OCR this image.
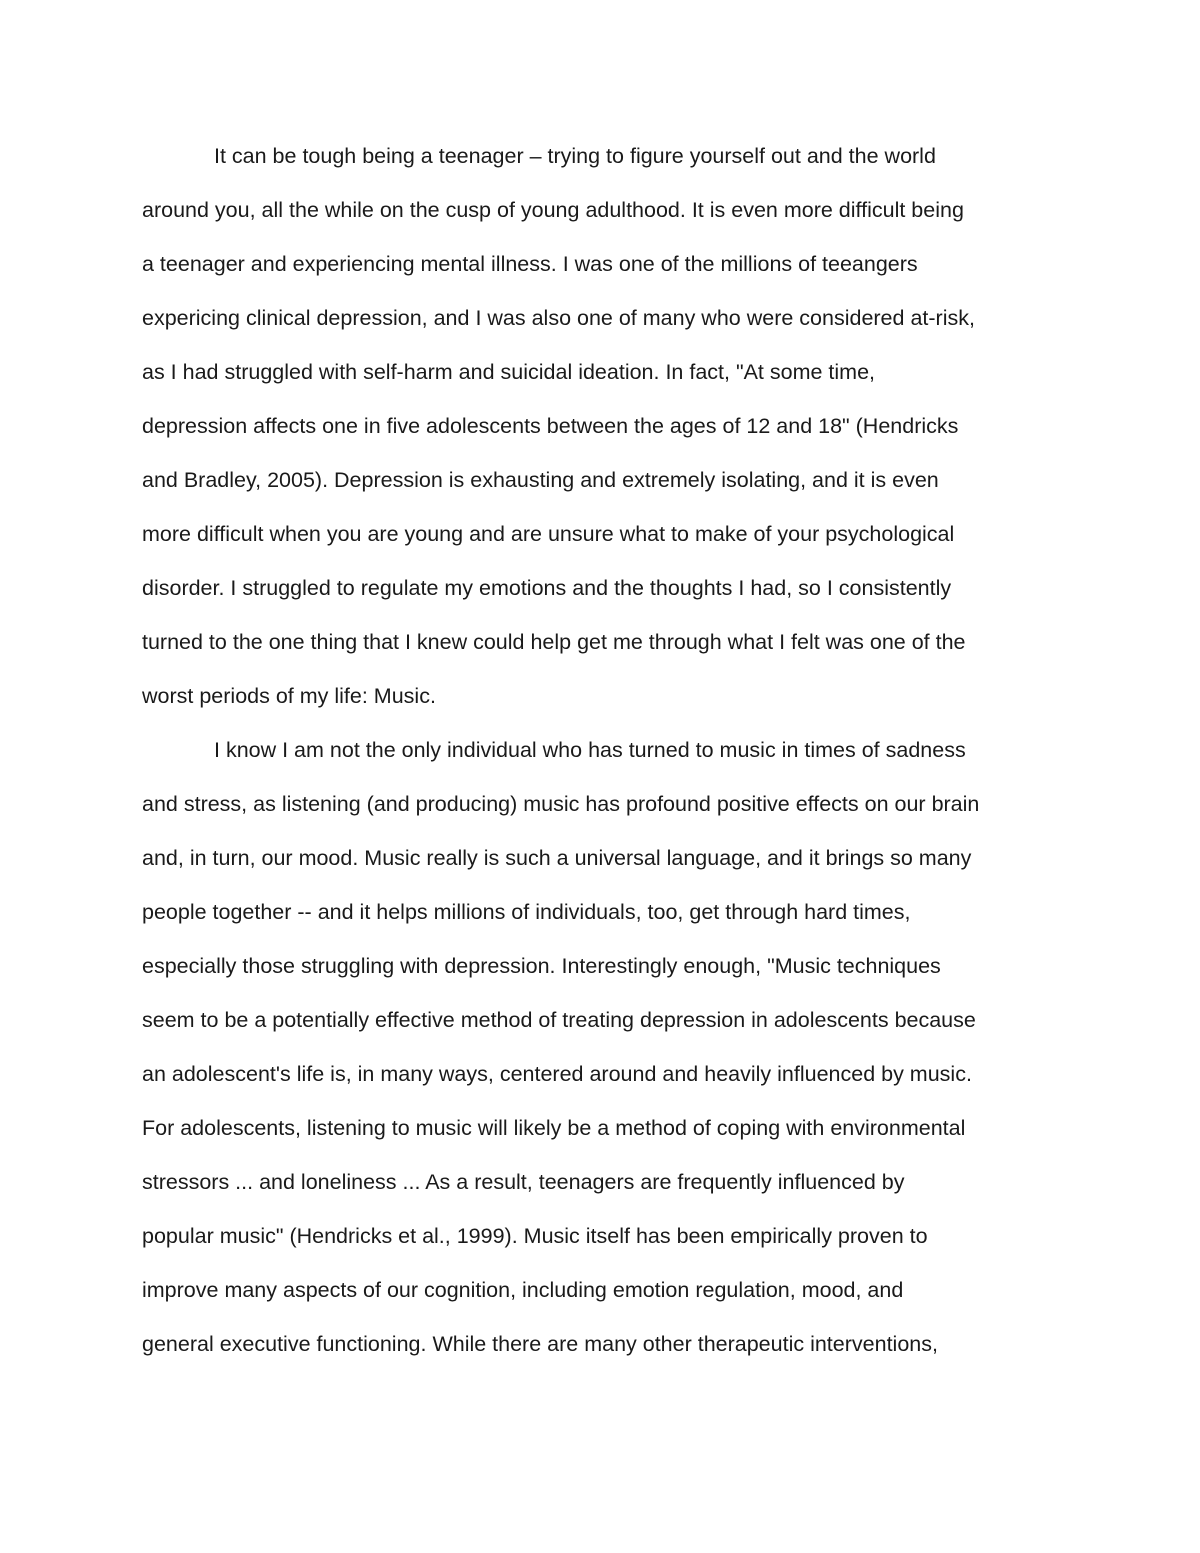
It can be tough being a teenager – trying to figure yourself out and the world
around you, all the while on the cusp of young adulthood. It is even more difficult being
a teenager and experiencing mental illness. I was one of the millions of teeangers
expericing clinical depression, and I was also one of many who were considered at-risk,
as I had struggled with self-harm and suicidal ideation. In fact, "At some time,
depression affects one in five adolescents between the ages of 12 and 18" (Hendricks
and Bradley, 2005). Depression is exhausting and extremely isolating, and it is even
more difficult when you are young and are unsure what to make of your psychological
disorder. I struggled to regulate my emotions and the thoughts I had, so I consistently
turned to the one thing that I knew could help get me through what I felt was one of the
worst periods of my life: Music.
I know I am not the only individual who has turned to music in times of sadness
and stress, as listening (and producing) music has profound positive effects on our brain
and, in turn, our mood. Music really is such a universal language, and it brings so many
people together -- and it helps millions of individuals, too, get through hard times,
especially those struggling with depression. Interestingly enough, "Music techniques
seem to be a potentially effective method of treating depression in adolescents because
an adolescent's life is, in many ways, centered around and heavily influenced by music.
For adolescents, listening to music will likely be a method of coping with environmental
stressors ... and loneliness ... As a result, teenagers are frequently influenced by
popular music" (Hendricks et al., 1999). Music itself has been empirically proven to
improve many aspects of our cognition, including emotion regulation, mood, and
general executive functioning. While there are many other therapeutic interventions,
